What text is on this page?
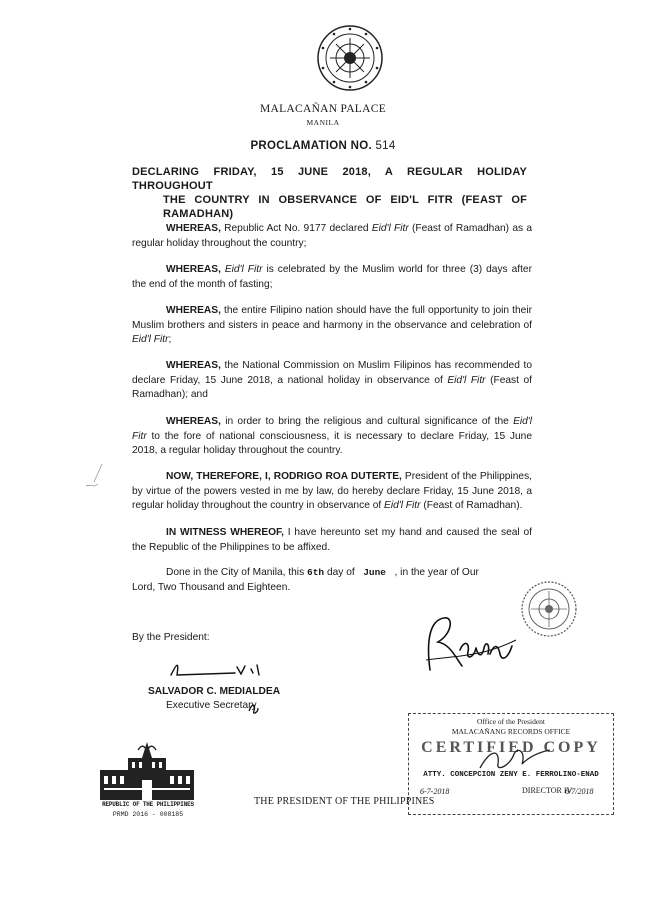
MALACAÑAN PALACE
MANILA
PROCLAMATION NO. 514
DECLARING FRIDAY, 15 JUNE 2018, A REGULAR HOLIDAY THROUGHOUT
THE COUNTRY IN OBSERVANCE OF EID'L FITR (FEAST OF
RAMADHAN)
WHEREAS, Republic Act No. 9177 declared Eid'l Fitr (Feast of Ramadhan) as a regular holiday throughout the country;
WHEREAS, Eid'l Fitr is celebrated by the Muslim world for three (3) days after the end of the month of fasting;
WHEREAS, the entire Filipino nation should have the full opportunity to join their Muslim brothers and sisters in peace and harmony in the observance and celebration of Eid'l Fitr;
WHEREAS, the National Commission on Muslim Filipinos has recommended to declare Friday, 15 June 2018, a national holiday in observance of Eid'l Fitr (Feast of Ramadhan); and
WHEREAS, in order to bring the religious and cultural significance of the Eid'l Fitr to the fore of national consciousness, it is necessary to declare Friday, 15 June 2018, a regular holiday throughout the country.
NOW, THEREFORE, I, RODRIGO ROA DUTERTE, President of the Philippines, by virtue of the powers vested in me by law, do hereby declare Friday, 15 June 2018, a regular holiday throughout the country in observance of Eid'l Fitr (Feast of Ramadhan).
IN WITNESS WHEREOF, I have hereunto set my hand and caused the seal of the Republic of the Philippines to be affixed.
Done in the City of Manila, this 6th day of   June   , in the year of Our
Lord, Two Thousand and Eighteen.
By the President:
SALVADOR C. MEDIALDEA
Executive Secretary
Office of the President
MALACAÑANG RECORDS OFFICE
CERTIFIED COPY
ATTY. CONCEPCION ZENY E. FERROLINO-ENAD
6-7-2018	DIRECTOR IV
6/7/2018
REPUBLIC OF THE PHILIPPINES
PRMD 2016 - 008185
THE PRESIDENT OF THE PHILIPPINES
